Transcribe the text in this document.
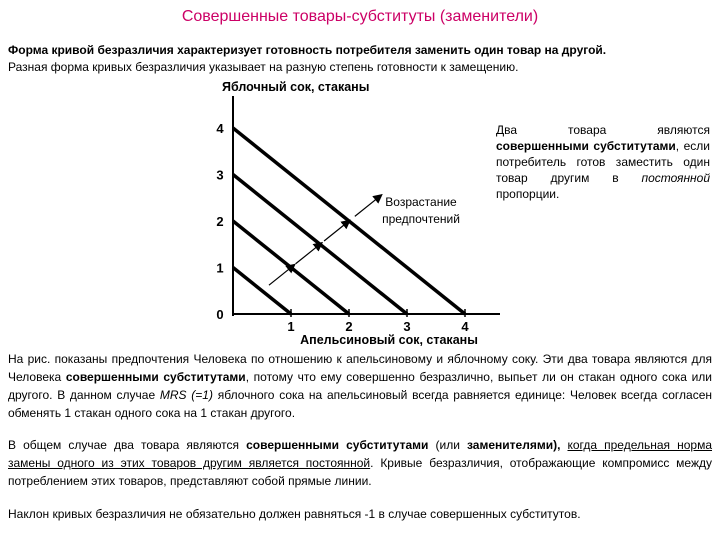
Совершенные товары-субституты (заменители)
Форма кривой безразличия характеризует готовность потребителя заменить один товар на другой.
Разная форма кривых безразличия указывает на разную степень готовности к замещению.
Яблочный сок, стаканы
0
1
2
3
4
1	2	3	4
Возрастание
предпочтений
Апельсиновый сок, стаканы
Два товара являются совершенными субститутами, если потребитель готов заместить один товар другим в постоянной пропорции.
На рис. показаны предпочтения Человека по отношению к апельсиновому и яблочному соку. Эти два товара являются для Человека совершенными субститутами, потому что ему совершенно безразлично, выпьет ли он стакан одного сока или другого. В данном случае MRS (=1) яблочного сока на апельсиновый всегда равняется единице: Человек всегда согласен обменять 1 стакан одного сока на 1 стакан другого.
В общем случае два товара являются совершенными субститутами (или заменителями), когда предельная норма замены одного из этих товаров другим является постоянной. Кривые безразличия, отображающие компромисс между потреблением этих товаров, представляют собой прямые линии.
Наклон кривых безразличия не обязательно должен равняться -1 в случае совершенных субститутов.
